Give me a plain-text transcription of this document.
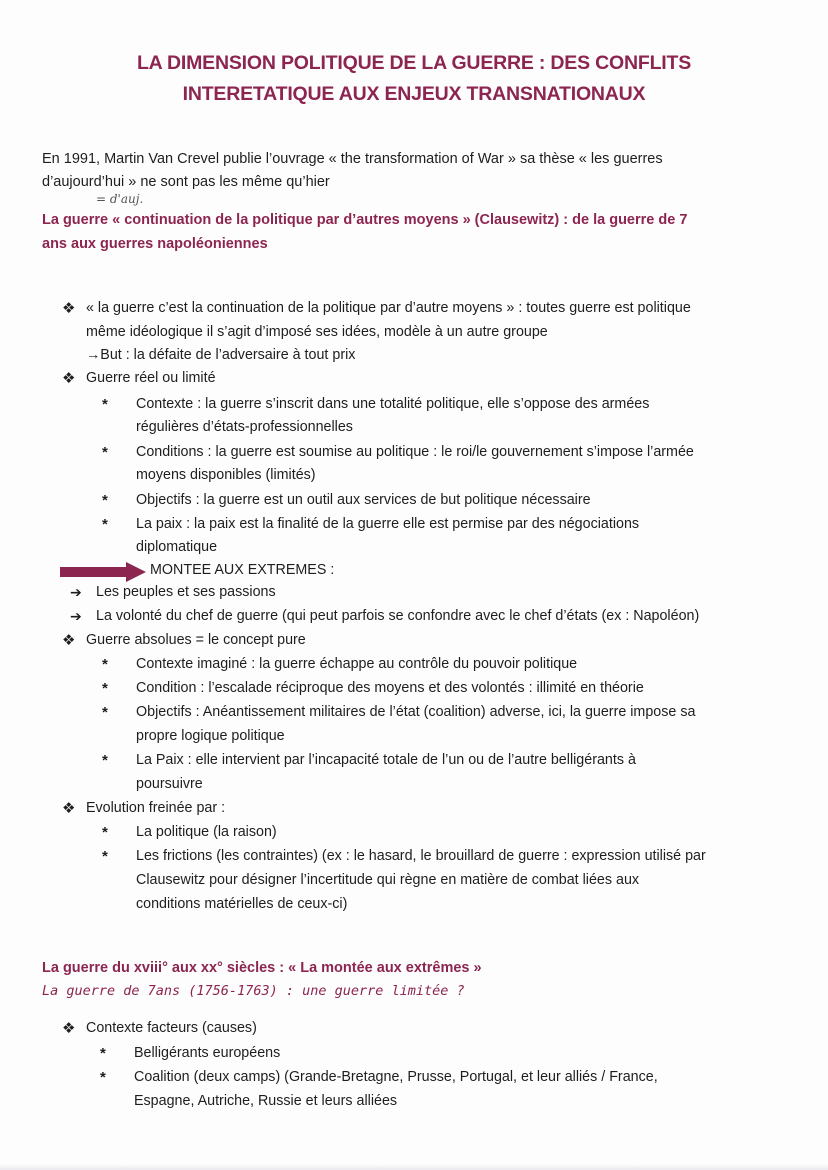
LA DIMENSION POLITIQUE DE LA GUERRE : DES CONFLITS
INTERETATIQUE AUX ENJEUX TRANSNATIONAUX
En 1991, Martin Van Crevel publie l’ouvrage « the transformation of War » sa thèse « les guerres
d’aujourd’hui » ne sont pas les même qu’hier
= d'auj.
La guerre « continuation de la politique par d’autres moyens » (Clausewitz) : de la guerre de 7
ans aux guerres napoléoniennes
❖
❖
*
*
*
*
➔
➔
❖
*
*
*
*
❖
*
*
« la guerre c’est la continuation de la politique par d’autre moyens » : toutes guerre est politique
même idéologique il s’agit d’imposé ses idées, modèle à un autre groupe
→But : la défaite de l’adversaire à tout prix
Guerre réel ou limité
Contexte : la guerre s’inscrit dans une totalité politique, elle s’oppose des armées
régulières d’états-professionnelles
Conditions : la guerre est soumise au politique : le roi/le gouvernement s’impose l’armée
moyens disponibles (limités)
Objectifs : la guerre est un outil aux services de but politique nécessaire
La paix : la paix est la finalité de la guerre elle est permise par des négociations
diplomatique
MONTEE AUX EXTREMES :
Les peuples et ses passions
La volonté du chef de guerre (qui peut parfois se confondre avec le chef d’états (ex : Napoléon)
Guerre absolues = le concept pure
Contexte imaginé : la guerre échappe au contrôle du pouvoir politique
Condition : l’escalade réciproque des moyens et des volontés : illimité en théorie
Objectifs : Anéantissement militaires de l’état (coalition) adverse, ici, la guerre impose sa
propre logique politique
La Paix : elle intervient par l’incapacité totale de l’un ou de l’autre belligérants à
poursuivre
Evolution freinée par :
La politique (la raison)
Les frictions (les contraintes) (ex : le hasard, le brouillard de guerre : expression utilisé par
Clausewitz pour désigner l’incertitude qui règne en matière de combat liées aux
conditions matérielles de ceux-ci)
La guerre du xviii° aux xx° siècles : « La montée aux extrêmes »
La guerre de 7ans (1756-1763) : une guerre limitée ?
❖
*
*
Contexte facteurs (causes)
Belligérants européens
Coalition (deux camps) (Grande-Bretagne, Prusse, Portugal, et leur alliés / France,
Espagne, Autriche, Russie et leurs alliées
